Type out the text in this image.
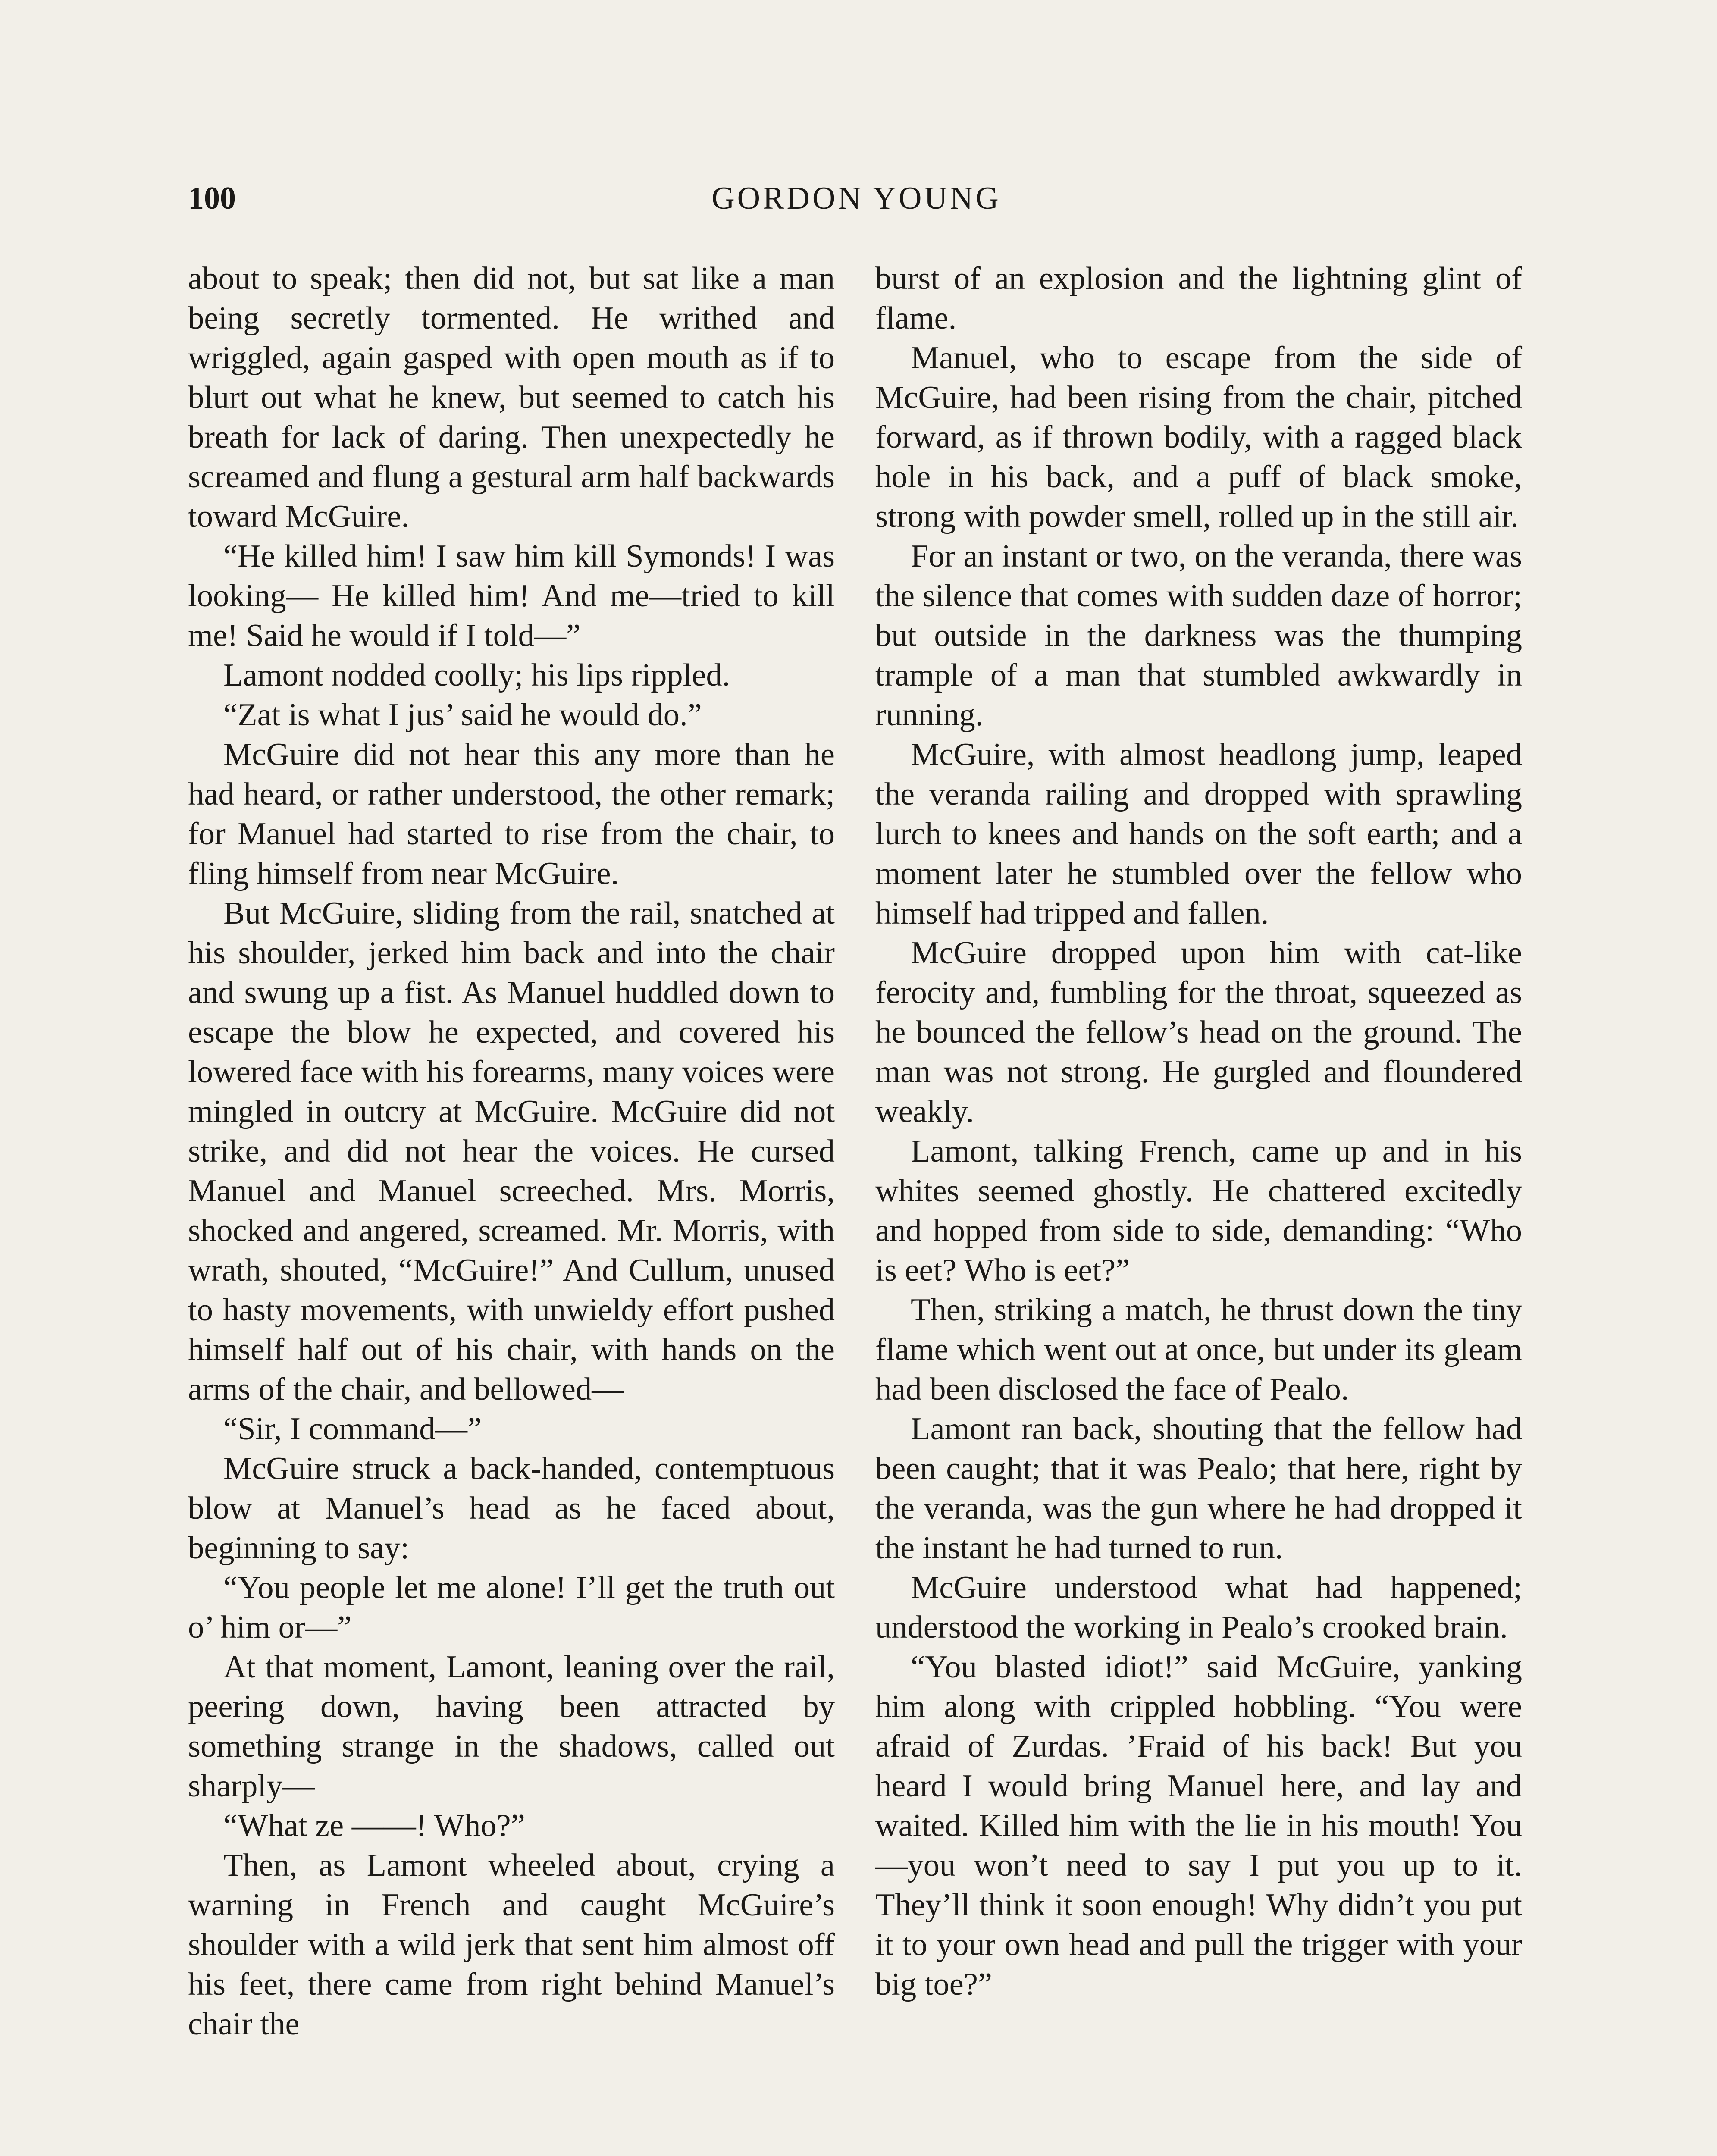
100	GORDON YOUNG

about to speak; then did not, but sat like a man being secretly tormented. He writhed and wriggled, again gasped with open mouth as if to blurt out what he knew, but seemed to catch his breath for lack of daring. Then unexpectedly he screamed and flung a gestural arm half backwards toward McGuire.

“He killed him! I saw him kill Symonds! I was looking— He killed him! And me—tried to kill me! Said he would if I told—”

Lamont nodded coolly; his lips rippled.

“Zat is what I jus’ said he would do.”

McGuire did not hear this any more than he had heard, or rather understood, the other remark; for Manuel had started to rise from the chair, to fling himself from near McGuire.

But McGuire, sliding from the rail, snatched at his shoulder, jerked him back and into the chair and swung up a fist. As Manuel huddled down to escape the blow he expected, and covered his lowered face with his forearms, many voices were mingled in outcry at McGuire. McGuire did not strike, and did not hear the voices. He cursed Manuel and Manuel screeched. Mrs. Morris, shocked and angered, screamed. Mr. Morris, with wrath, shouted, “McGuire!” And Cullum, unused to hasty movements, with unwieldy effort pushed himself half out of his chair, with hands on the arms of the chair, and bellowed—

“Sir, I command—”

McGuire struck a back-handed, contemptuous blow at Manuel’s head as he faced about, beginning to say:

“You people let me alone! I’ll get the truth out o’ him or—”

At that moment, Lamont, leaning over the rail, peering down, having been attracted by something strange in the shadows, called out sharply—

“What ze ——! Who?”

Then, as Lamont wheeled about, crying a warning in French and caught McGuire’s shoulder with a wild jerk that sent him almost off his feet, there came from right behind Manuel’s chair the

burst of an explosion and the lightning glint of flame.

Manuel, who to escape from the side of McGuire, had been rising from the chair, pitched forward, as if thrown bodily, with a ragged black hole in his back, and a puff of black smoke, strong with powder smell, rolled up in the still air.

For an instant or two, on the veranda, there was the silence that comes with sudden daze of horror; but outside in the darkness was the thumping trample of a man that stumbled awkwardly in running.

McGuire, with almost headlong jump, leaped the veranda railing and dropped with sprawling lurch to knees and hands on the soft earth; and a moment later he stumbled over the fellow who himself had tripped and fallen.

McGuire dropped upon him with cat-like ferocity and, fumbling for the throat, squeezed as he bounced the fellow’s head on the ground. The man was not strong. He gurgled and floundered weakly.

Lamont, talking French, came up and in his whites seemed ghostly. He chattered excitedly and hopped from side to side, demanding: “Who is eet? Who is eet?”

Then, striking a match, he thrust down the tiny flame which went out at once, but under its gleam had been disclosed the face of Pealo.

Lamont ran back, shouting that the fellow had been caught; that it was Pealo; that here, right by the veranda, was the gun where he had dropped it the instant he had turned to run.

McGuire understood what had happened; understood the working in Pealo’s crooked brain.

“You blasted idiot!” said McGuire, yanking him along with crippled hobbling. “You were afraid of Zurdas. ’Fraid of his back! But you heard I would bring Manuel here, and lay and waited. Killed him with the lie in his mouth! You—you won’t need to say I put you up to it. They’ll think it soon enough! Why didn’t you put it to your own head and pull the trigger with your big toe?”
